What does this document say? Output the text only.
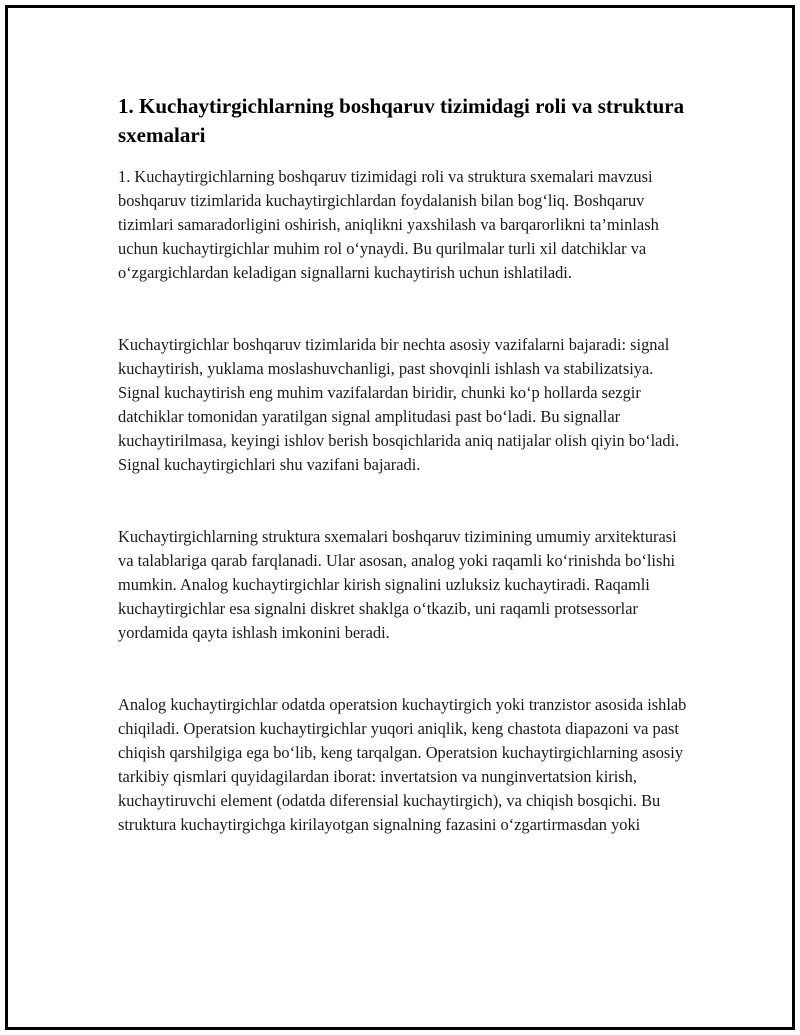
1. Kuchaytirgichlarning boshqaruv tizimidagi roli va struktura sxemalari

1. Kuchaytirgichlarning boshqaruv tizimidagi roli va struktura sxemalari mavzusi boshqaruv tizimlarida kuchaytirgichlardan foydalanish bilan bog‘liq. Boshqaruv tizimlari samaradorligini oshirish, aniqlikni yaxshilash va barqarorlikni ta’minlash uchun kuchaytirgichlar muhim rol o‘ynaydi. Bu qurilmalar turli xil datchiklar va o‘zgargichlardan keladigan signallarni kuchaytirish uchun ishlatiladi.

Kuchaytirgichlar boshqaruv tizimlarida bir nechta asosiy vazifalarni bajaradi: signal kuchaytirish, yuklama moslashuvchanligi, past shovqinli ishlash va stabilizatsiya. Signal kuchaytirish eng muhim vazifalardan biridir, chunki ko‘p hollarda sezgir datchiklar tomonidan yaratilgan signal amplitudasi past bo‘ladi. Bu signallar kuchaytirilmasa, keyingi ishlov berish bosqichlarida aniq natijalar olish qiyin bo‘ladi. Signal kuchaytirgichlari shu vazifani bajaradi.

Kuchaytirgichlarning struktura sxemalari boshqaruv tizimining umumiy arxitekturasi va talablariga qarab farqlanadi. Ular asosan, analog yoki raqamli ko‘rinishda bo‘lishi mumkin. Analog kuchaytirgichlar kirish signalini uzluksiz kuchaytiradi. Raqamli kuchaytirgichlar esa signalni diskret shaklga o‘tkazib, uni raqamli protsessorlar yordamida qayta ishlash imkonini beradi.

Analog kuchaytirgichlar odatda operatsion kuchaytirgich yoki tranzistor asosida ishlab chiqiladi. Operatsion kuchaytirgichlar yuqori aniqlik, keng chastota diapazoni va past chiqish qarshilgiga ega bo‘lib, keng tarqalgan. Operatsion kuchaytirgichlarning asosiy tarkibiy qismlari quyidagilardan iborat: invertatsion va nunginvertatsion kirish, kuchaytiruvchi element (odatda diferensial kuchaytirgich), va chiqish bosqichi. Bu struktura kuchaytirgichga kirilayotgan signalning fazasini o‘zgartirmasdan yoki
